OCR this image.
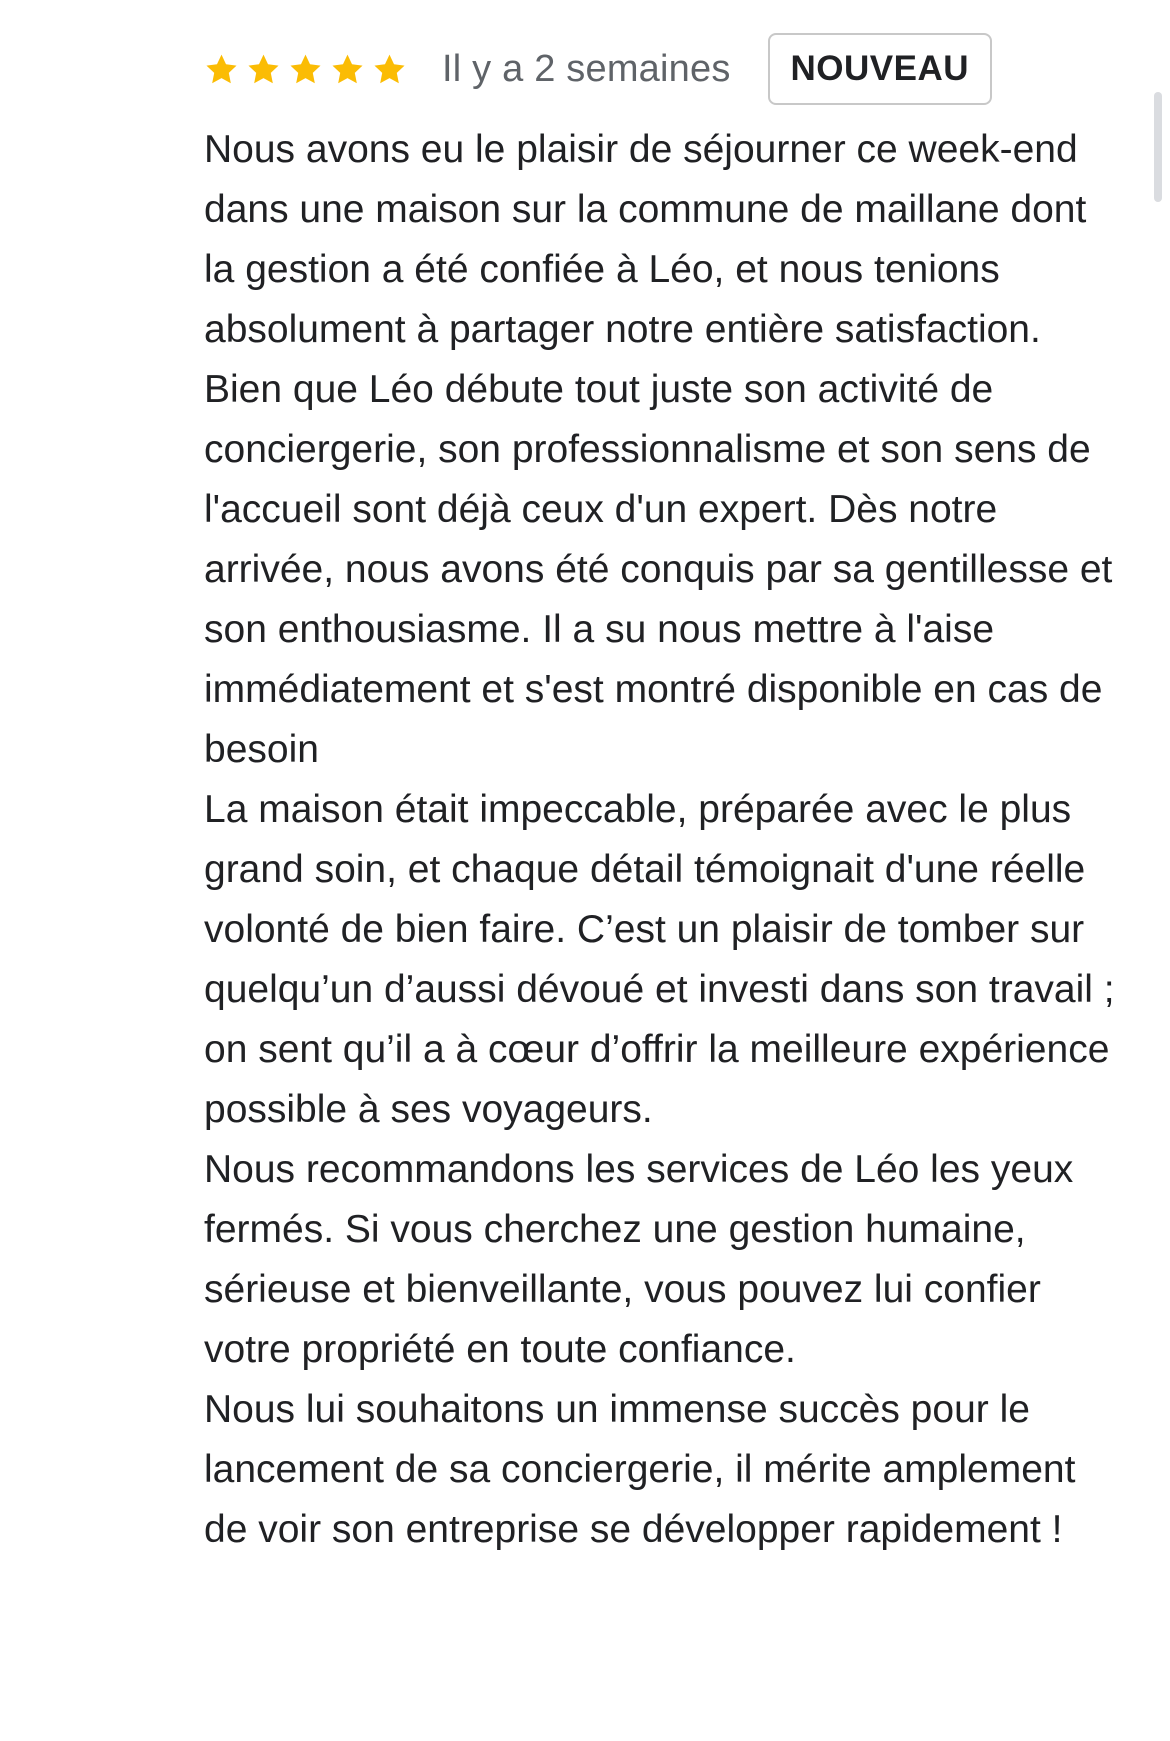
Il y a 2 semaines	NOUVEAU

Nous avons eu le plaisir de séjourner ce week-end dans une maison sur la commune de maillane dont la gestion a été confiée à Léo, et nous tenions absolument à partager notre entière satisfaction.

Bien que Léo débute tout juste son activité de conciergerie, son professionnalisme et son sens de l'accueil sont déjà ceux d'un expert. Dès notre arrivée, nous avons été conquis par sa gentillesse et son enthousiasme. Il a su nous mettre à l'aise immédiatement et s'est montré disponible en cas de besoin

La maison était impeccable, préparée avec le plus grand soin, et chaque détail témoignait d'une réelle volonté de bien faire. C’est un plaisir de tomber sur quelqu’un d’aussi dévoué et investi dans son travail ; on sent qu’il a à cœur d’offrir la meilleure expérience possible à ses voyageurs.

Nous recommandons les services de Léo les yeux fermés. Si vous cherchez une gestion humaine, sérieuse et bienveillante, vous pouvez lui confier votre propriété en toute confiance.

Nous lui souhaitons un immense succès pour le lancement de sa conciergerie, il mérite amplement de voir son entreprise se développer rapidement !
